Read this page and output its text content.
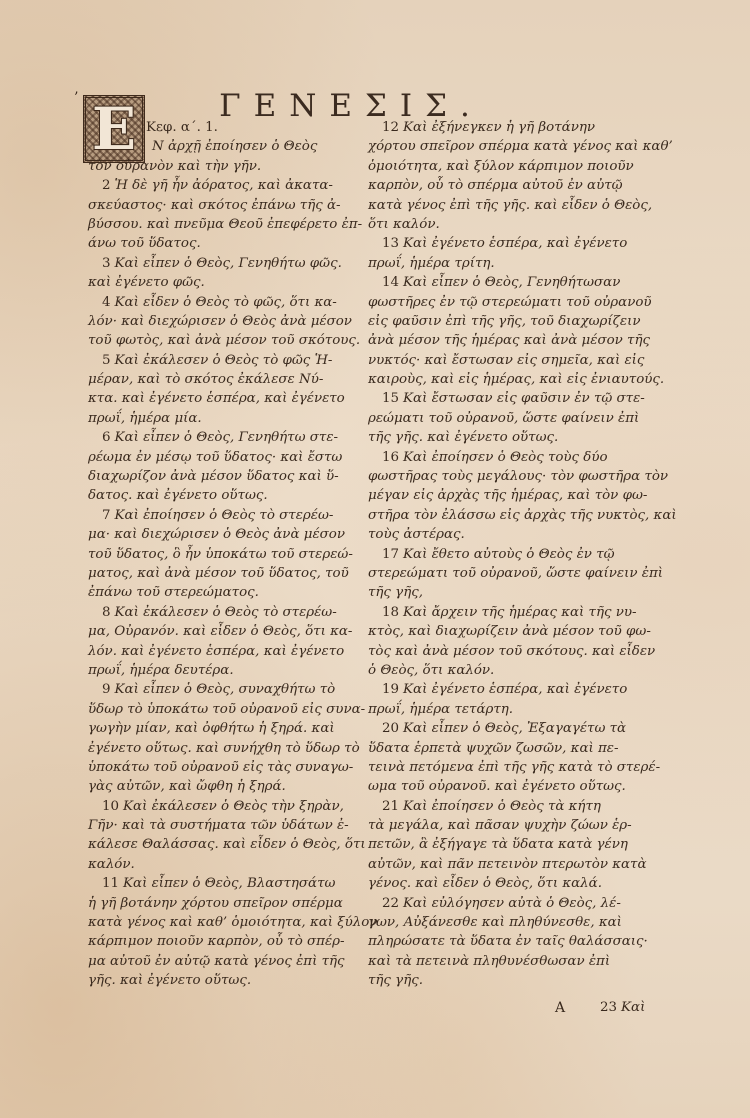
ΓΕΝΕΣΙΣ.
’ E Κεφ. α΄. 1.
Ν ἀρχῇ ἐποίησεν ὁ Θεὸς
τὸν οὐρανὸν καὶ τὴν γῆν.
2 Ἡ δὲ γῆ ἦν ἀόρατος, καὶ ἀκατα-
σκεύαστος· καὶ σκότος ἐπάνω τῆς ἀ-
βύσσου. καὶ πνεῦμα Θεοῦ ἐπεφέρετο ἐπ-
άνω τοῦ ὕδατος.
3 Καὶ εἶπεν ὁ Θεὸς, Γενηθήτω φῶς.
καὶ ἐγένετο φῶς.
4 Καὶ εἶδεν ὁ Θεὸς τὸ φῶς, ὅτι κα-
λόν· καὶ διεχώρισεν ὁ Θεὸς ἀνὰ μέσον
τοῦ φωτὸς, καὶ ἀνὰ μέσον τοῦ σκότους.
5 Καὶ ἐκάλεσεν ὁ Θεὸς τὸ φῶς Ἡ-
μέραν, καὶ τὸ σκότος ἐκάλεσε Νύ-
κτα. καὶ ἐγένετο ἑσπέρα, καὶ ἐγένετο
πρωΐ, ἡμέρα μία.
6 Καὶ εἶπεν ὁ Θεὸς, Γενηθήτω στε-
ρέωμα ἐν μέσῳ τοῦ ὕδατος· καὶ ἔστω
διαχωρίζον ἀνὰ μέσον ὕδατος καὶ ὕ-
δατος. καὶ ἐγένετο οὕτως.
7 Καὶ ἐποίησεν ὁ Θεὸς τὸ στερέω-
μα· καὶ διεχώρισεν ὁ Θεὸς ἀνὰ μέσον
τοῦ ὕδατος, ὃ ἦν ὑποκάτω τοῦ στερεώ-
ματος, καὶ ἀνὰ μέσον τοῦ ὕδατος, τοῦ
ἐπάνω τοῦ στερεώματος.
8 Καὶ ἐκάλεσεν ὁ Θεὸς τὸ στερέω-
μα, Οὐρανόν. καὶ εἶδεν ὁ Θεὸς, ὅτι κα-
λόν. καὶ ἐγένετο ἑσπέρα, καὶ ἐγένετο
πρωΐ, ἡμέρα δευτέρα.
9 Καὶ εἶπεν ὁ Θεὸς, συναχθήτω τὸ
ὕδωρ τὸ ὑποκάτω τοῦ οὐρανοῦ εἰς συνα-
γωγὴν μίαν, καὶ ὀφθήτω ἡ ξηρά. καὶ
ἐγένετο οὕτως. καὶ συνήχθη τὸ ὕδωρ τὸ
ὑποκάτω τοῦ οὐρανοῦ εἰς τὰς συναγω-
γὰς αὐτῶν, καὶ ὤφθη ἡ ξηρά.
10 Καὶ ἐκάλεσεν ὁ Θεὸς τὴν ξηρὰν,
Γῆν· καὶ τὰ συστήματα τῶν ὑδάτων ἐ-
κάλεσε Θαλάσσας. καὶ εἶδεν ὁ Θεὸς, ὅτι
καλόν.
11 Καὶ εἶπεν ὁ Θεὸς, Βλαστησάτω
ἡ γῆ βοτάνην χόρτου σπεῖρον σπέρμα
κατὰ γένος καὶ καθ’ ὁμοιότητα, καὶ ξύλον
κάρπιμον ποιοῦν καρπὸν, οὗ τὸ σπέρ-
μα αὐτοῦ ἐν αὐτῷ κατὰ γένος ἐπὶ τῆς
γῆς. καὶ ἐγένετο οὕτως.
12 Καὶ ἐξήνεγκεν ἡ γῆ βοτάνην
χόρτου σπεῖρον σπέρμα κατὰ γένος καὶ καθ’
ὁμοιότητα, καὶ ξύλον κάρπιμον ποιοῦν
καρπὸν, οὗ τὸ σπέρμα αὐτοῦ ἐν αὐτῷ
κατὰ γένος ἐπὶ τῆς γῆς. καὶ εἶδεν ὁ Θεὸς,
ὅτι καλόν.
13 Καὶ ἐγένετο ἑσπέρα, καὶ ἐγένετο
πρωΐ, ἡμέρα τρίτη.
14 Καὶ εἶπεν ὁ Θεὸς, Γενηθήτωσαν
φωστῆρες ἐν τῷ στερεώματι τοῦ οὐρανοῦ
εἰς φαῦσιν ἐπὶ τῆς γῆς, τοῦ διαχωρίζειν
ἀνὰ μέσον τῆς ἡμέρας καὶ ἀνὰ μέσον τῆς
νυκτός· καὶ ἔστωσαν εἰς σημεῖα, καὶ εἰς
καιροὺς, καὶ εἰς ἡμέρας, καὶ εἰς ἐνιαυτούς.
15 Καὶ ἔστωσαν εἰς φαῦσιν ἐν τῷ στε-
ρεώματι τοῦ οὐρανοῦ, ὥστε φαίνειν ἐπὶ
τῆς γῆς. καὶ ἐγένετο οὕτως.
16 Καὶ ἐποίησεν ὁ Θεὸς τοὺς δύο
φωστῆρας τοὺς μεγάλους· τὸν φωστῆρα τὸν
μέγαν εἰς ἀρχὰς τῆς ἡμέρας, καὶ τὸν φω-
στῆρα τὸν ἐλάσσω εἰς ἀρχὰς τῆς νυκτὸς, καὶ
τοὺς ἀστέρας.
17 Καὶ ἔθετο αὐτοὺς ὁ Θεὸς ἐν τῷ
στερεώματι τοῦ οὐρανοῦ, ὥστε φαίνειν ἐπὶ
τῆς γῆς,
18 Καὶ ἄρχειν τῆς ἡμέρας καὶ τῆς νυ-
κτὸς, καὶ διαχωρίζειν ἀνὰ μέσον τοῦ φω-
τὸς καὶ ἀνὰ μέσον τοῦ σκότους. καὶ εἶδεν
ὁ Θεὸς, ὅτι καλόν.
19 Καὶ ἐγένετο ἑσπέρα, καὶ ἐγένετο
πρωΐ, ἡμέρα τετάρτη.
20 Καὶ εἶπεν ὁ Θεὸς, Ἐξαγαγέτω τὰ
ὕδατα ἑρπετὰ ψυχῶν ζωσῶν, καὶ πε-
τεινὰ πετόμενα ἐπὶ τῆς γῆς κατὰ τὸ στερέ-
ωμα τοῦ οὐρανοῦ. καὶ ἐγένετο οὕτως.
21 Καὶ ἐποίησεν ὁ Θεὸς τὰ κήτη
τὰ μεγάλα, καὶ πᾶσαν ψυχὴν ζώων ἑρ-
πετῶν, ἃ ἐξήγαγε τὰ ὕδατα κατὰ γένη
αὐτῶν, καὶ πᾶν πετεινὸν πτερωτὸν κατὰ
γένος. καὶ εἶδεν ὁ Θεὸς, ὅτι καλά.
22 Καὶ εὐλόγησεν αὐτὰ ὁ Θεὸς, λέ-
γων, Αὐξάνεσθε καὶ πληθύνεσθε, καὶ
πληρώσατε τὰ ὕδατα ἐν ταῖς θαλάσσαις·
καὶ τὰ πετεινὰ πληθυνέσθωσαν ἐπὶ
τῆς γῆς.
A	23 Καὶ
